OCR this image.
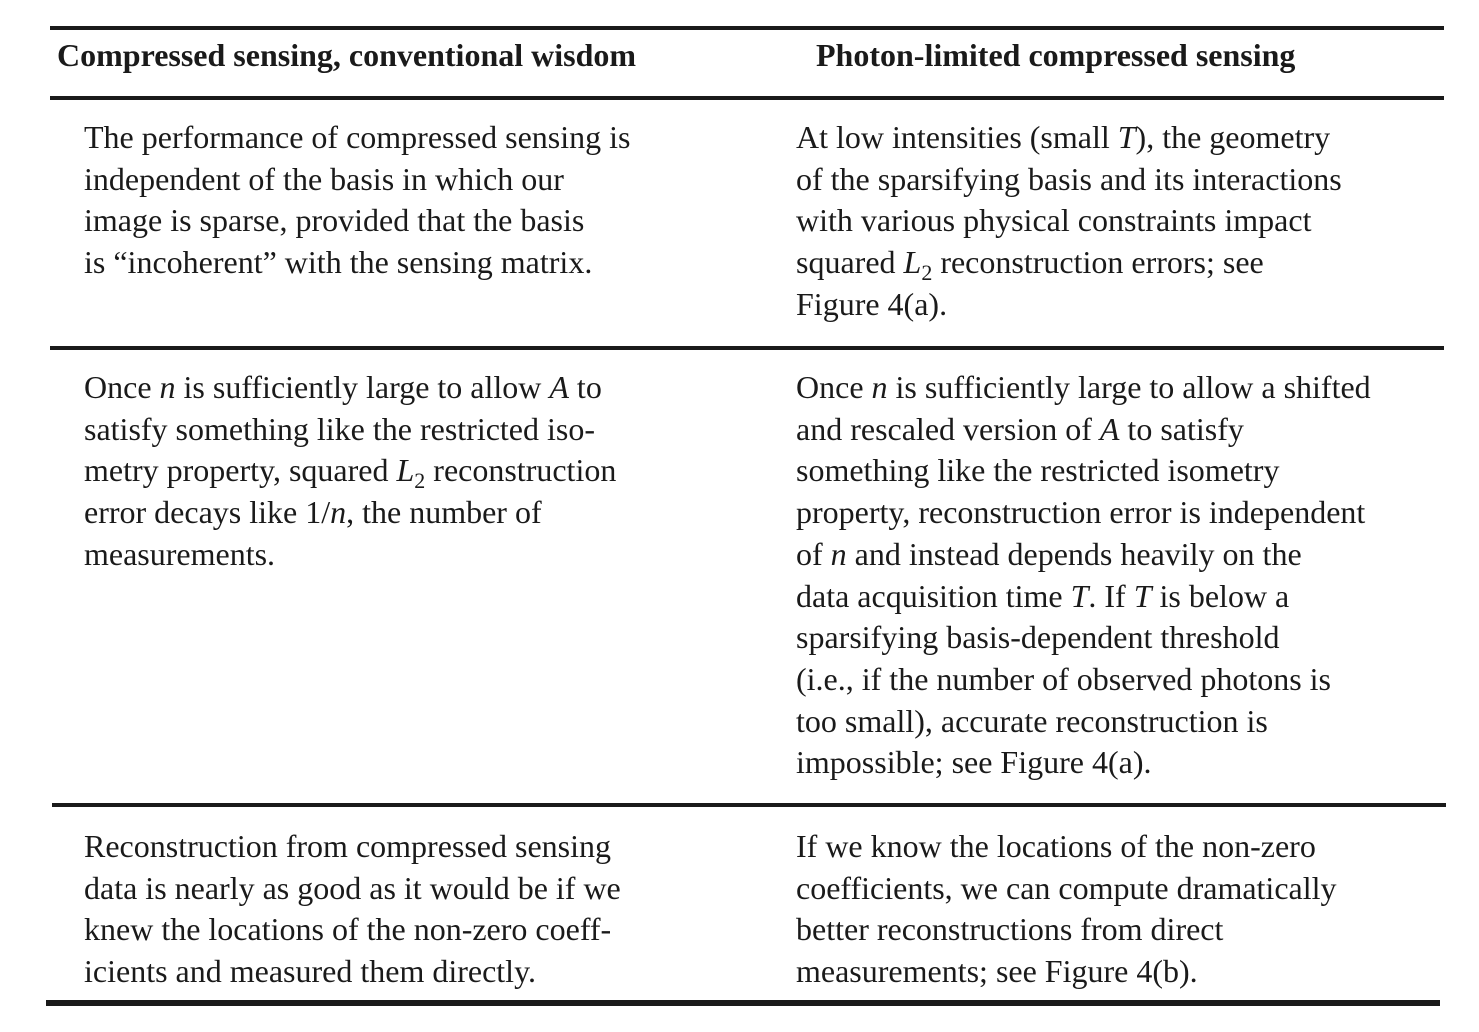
Compressed sensing, conventional wisdom	Photon-limited compressed sensing
The performance of compressed sensing is
independent of the basis in which our
image is sparse, provided that the basis
is “incoherent” with the sensing matrix.
At low intensities (small T), the geometry
of the sparsifying basis and its interactions
with various physical constraints impact
squared $L_2$ reconstruction errors; see
Figure 4(a).
Once n is sufficiently large to allow A to
satisfy something like the restricted iso-
metry property, squared $L_2$ reconstruction
error decays like 1/n, the number of
measurements.
Once n is sufficiently large to allow a shifted
and rescaled version of A to satisfy
something like the restricted isometry
property, reconstruction error is independent
of n and instead depends heavily on the
data acquisition time T. If T is below a
sparsifying basis-dependent threshold
(i.e., if the number of observed photons is
too small), accurate reconstruction is
impossible; see Figure 4(a).
Reconstruction from compressed sensing
data is nearly as good as it would be if we
knew the locations of the non-zero coeff-
icients and measured them directly.
If we know the locations of the non-zero
coefficients, we can compute dramatically
better reconstructions from direct
measurements; see Figure 4(b).
